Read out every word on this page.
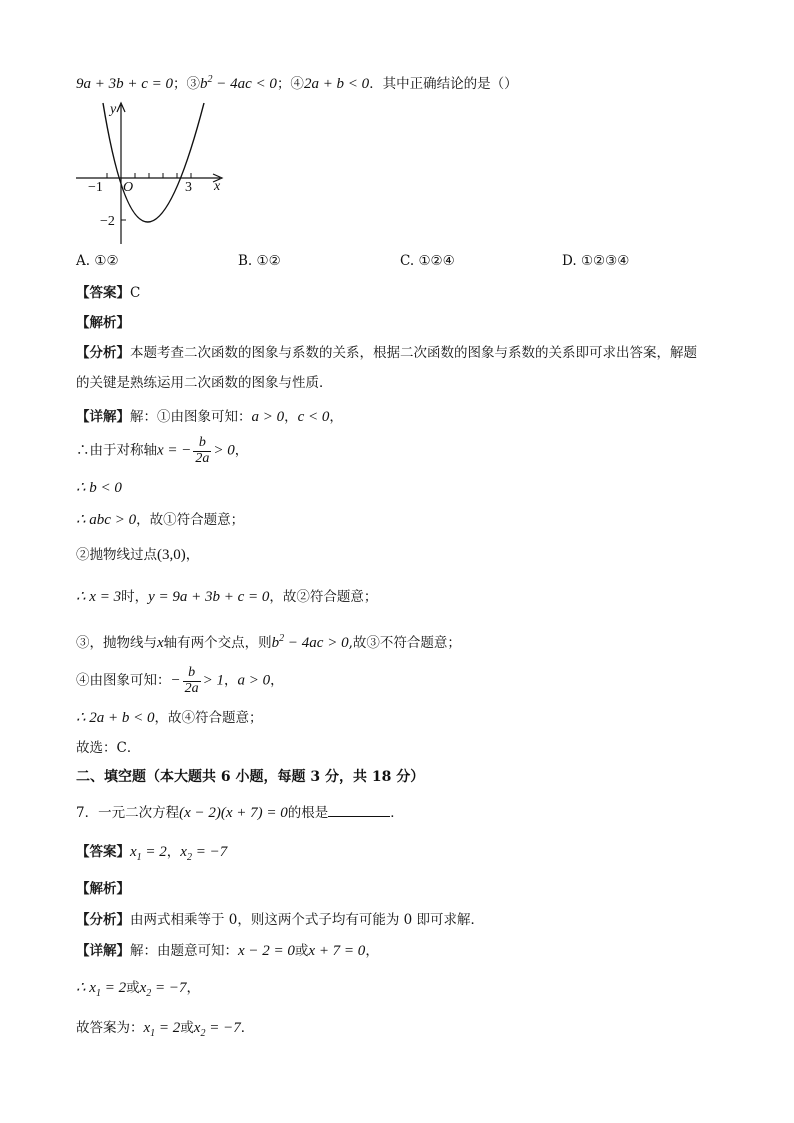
9a + 3b + c = 0；$③b^2 - 4ac < 0$；④2a + b < 0．其中正确结论的是（）
y
x
O
−1	3
−2
A. ①②	B. ①②	C. ①②④	D. ①②③④
【答案】C
【解析】
【分析】本题考查二次函数的图象与系数的关系，根据二次函数的图象与系数的关系即可求出答案，解题
的关键是熟练运用二次函数的图象与性质．
【详解】解：①由图象可知：a > 0，c < 0，
∴由于对称轴x = − $\frac{b}{2a} > 0$，
∴ b < 0
∴ abc > 0，故①符合题意；
②抛物线过点(3,0)，
∴ x = 3时，y = 9a + 3b + c = 0，故②符合题意；
③，抛物线与x轴有两个交点，则$b^2 - 4ac > 0$,故③不符合题意；
④由图象可知：− $\frac{b}{2a} > 1$，a > 0，
∴ 2a + b < 0，故④符合题意；
故选：C．
二、填空题（本大题共 6 小题，每题 3 分，共 18 分）
7．一元二次方程(x − 2)(x + 7) = 0的根是	．
【答案】$x_1 = 2$，$x_2 = -7$
【解析】
【分析】由两式相乘等于 0，则这两个式子均有可能为 0 即可求解．
【详解】解：由题意可知：x − 2 = 0或x + 7 = 0，
∴ $x_1 = 2$或$x_2 = -7$，
故答案为：$x_1 = 2$或$x_2 = -7$．
